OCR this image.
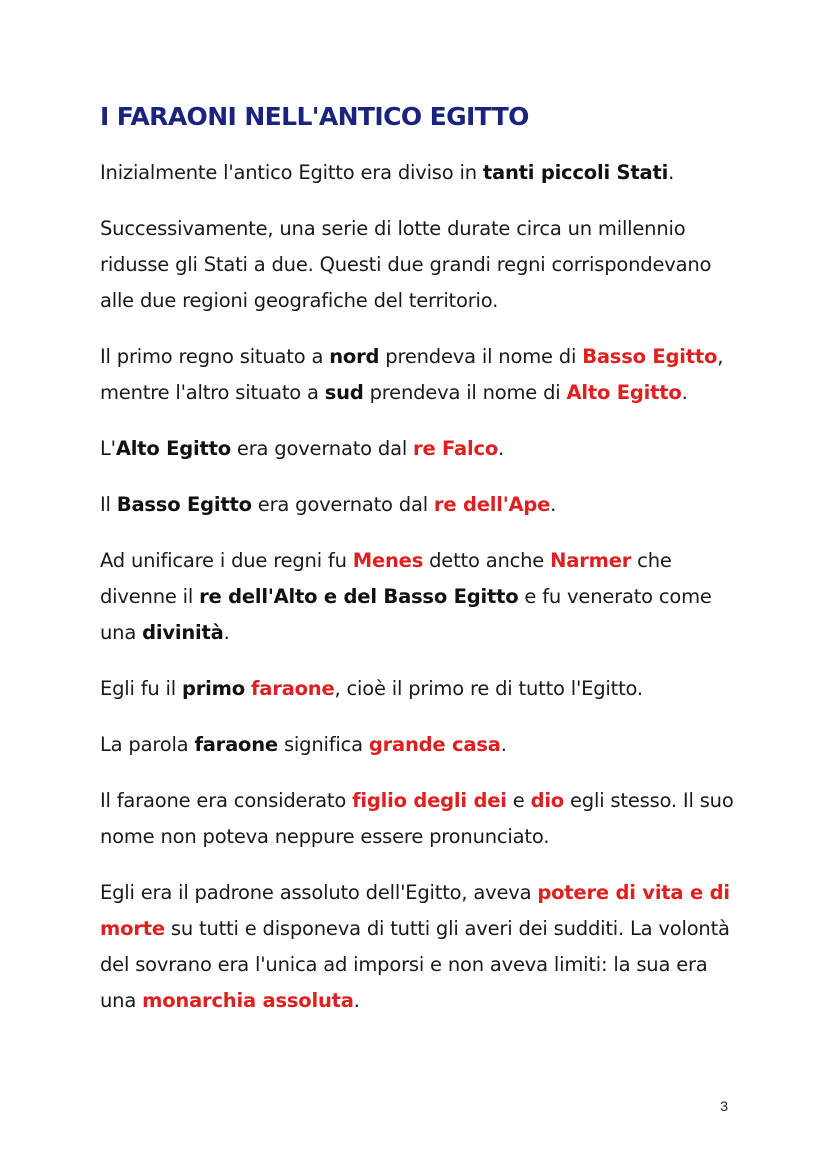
I FARAONI NELL'ANTICO EGITTO

Inizialmente l'antico Egitto era diviso in tanti piccoli Stati.

Successivamente, una serie di lotte durate circa un millennio ridusse gli Stati a due. Questi due grandi regni corrispondevano alle due regioni geografiche del territorio.

Il primo regno situato a nord prendeva il nome di Basso Egitto, mentre l'altro situato a sud prendeva il nome di Alto Egitto.

L'Alto Egitto era governato dal re Falco.

Il Basso Egitto era governato dal re dell'Ape.

Ad unificare i due regni fu Menes detto anche Narmer che divenne il re dell'Alto e del Basso Egitto e fu venerato come una divinità.

Egli fu il primo faraone, cioè il primo re di tutto l'Egitto.

La parola faraone significa grande casa.

Il faraone era considerato figlio degli dei e dio egli stesso. Il suo nome non poteva neppure essere pronunciato.

Egli era il padrone assoluto dell'Egitto, aveva potere di vita e di morte su tutti e disponeva di tutti gli averi dei sudditi. La volontà del sovrano era l'unica ad imporsi e non aveva limiti: la sua era una monarchia assoluta.

3
